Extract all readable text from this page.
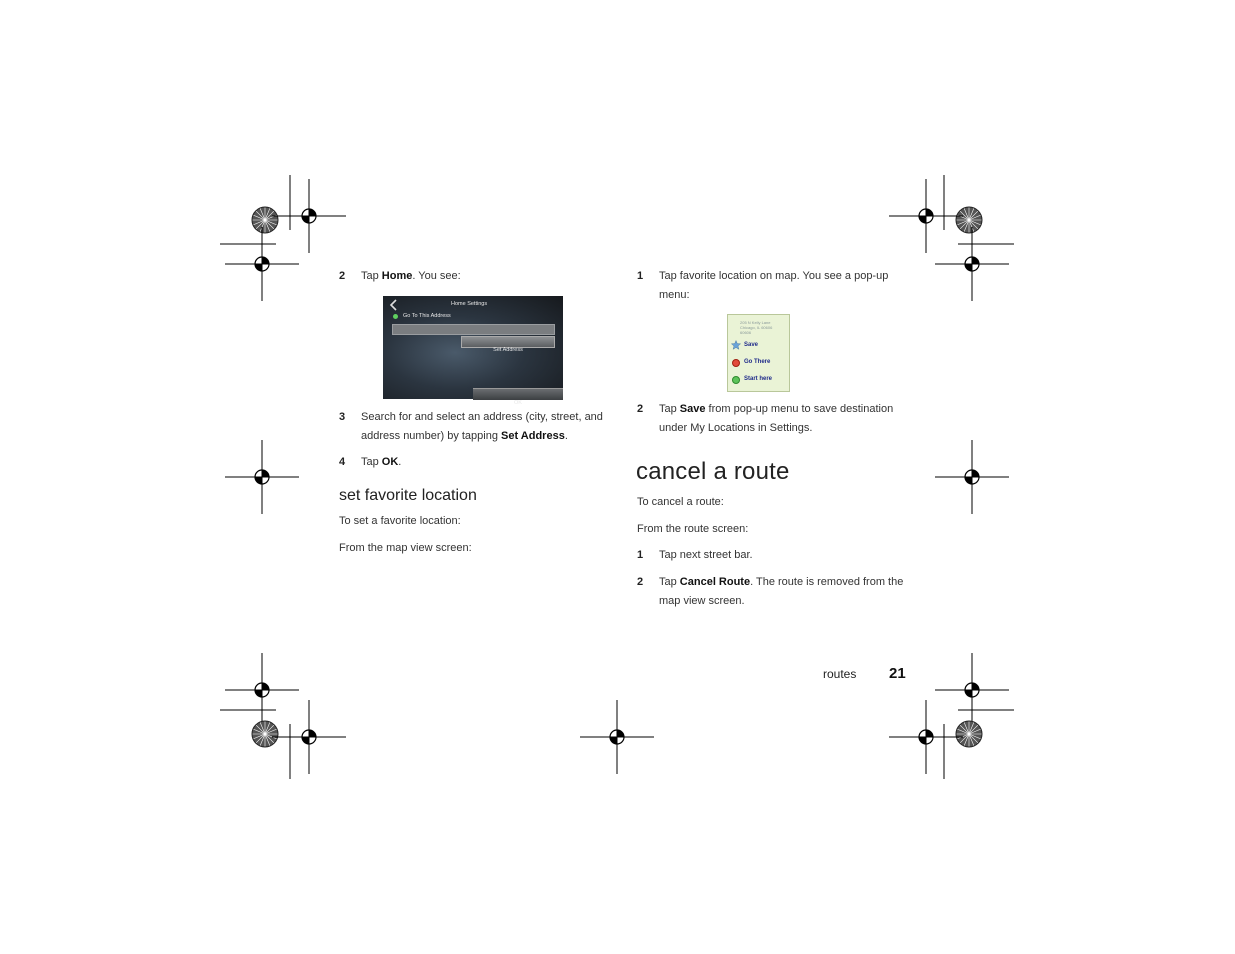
2 Tap Home. You see:
Home Settings
Go To This Address
Set Address
OK
3 Search for and select an address (city, street, and
address number) by tapping Set Address.
4 Tap OK.
set favorite location
To set a favorite location:
From the map view screen:
1 Tap favorite location on map. You see a pop-up
menu:
205 N Kelly Lane
Chicago, IL 60606
60606
Save
Go There
Start here
2 Tap Save from pop-up menu to save destination
under My Locations in Settings.
cancel a route
To cancel a route:
From the route screen:
1 Tap next street bar.
2 Tap Cancel Route. The route is removed from the
map view screen.
routes 21
